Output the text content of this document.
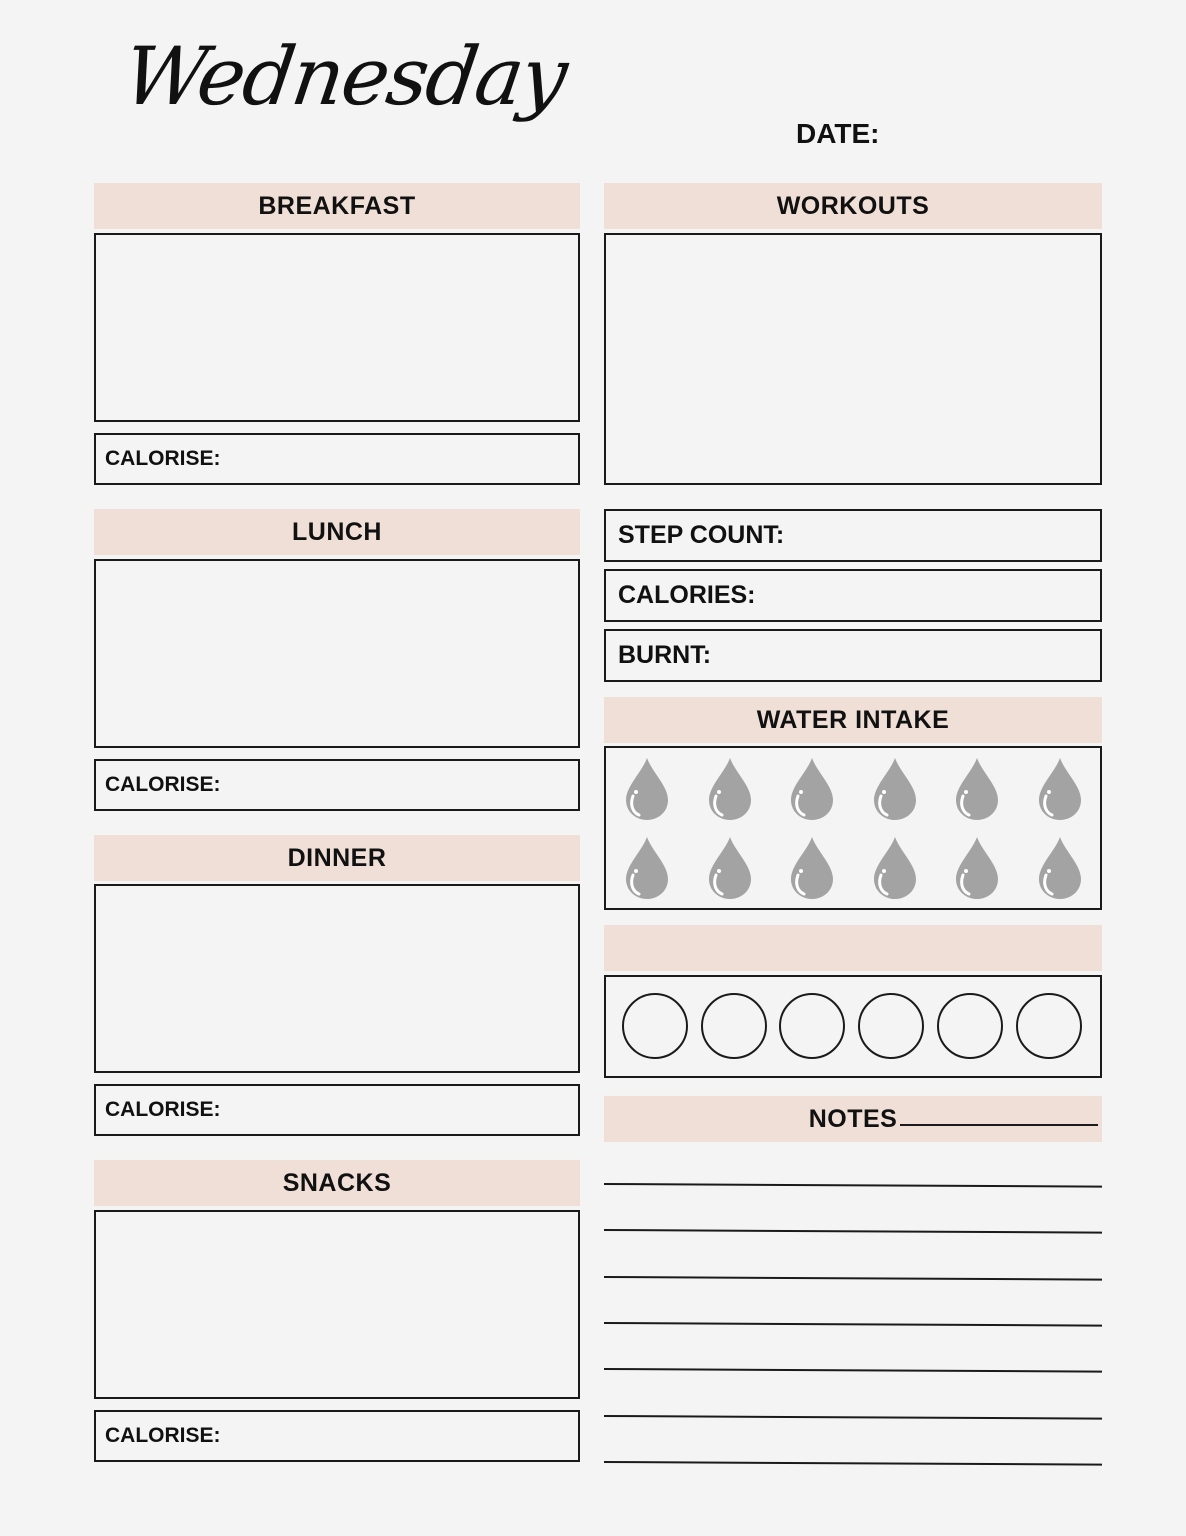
Wednesday
DATE:
BREAKFAST
CALORISE:
LUNCH
CALORISE:
DINNER
CALORISE:
SNACKS
CALORISE:
WORKOUTS
STEP COUNT:
CALORIES:
BURNT:
WATER INTAKE
NOTES
